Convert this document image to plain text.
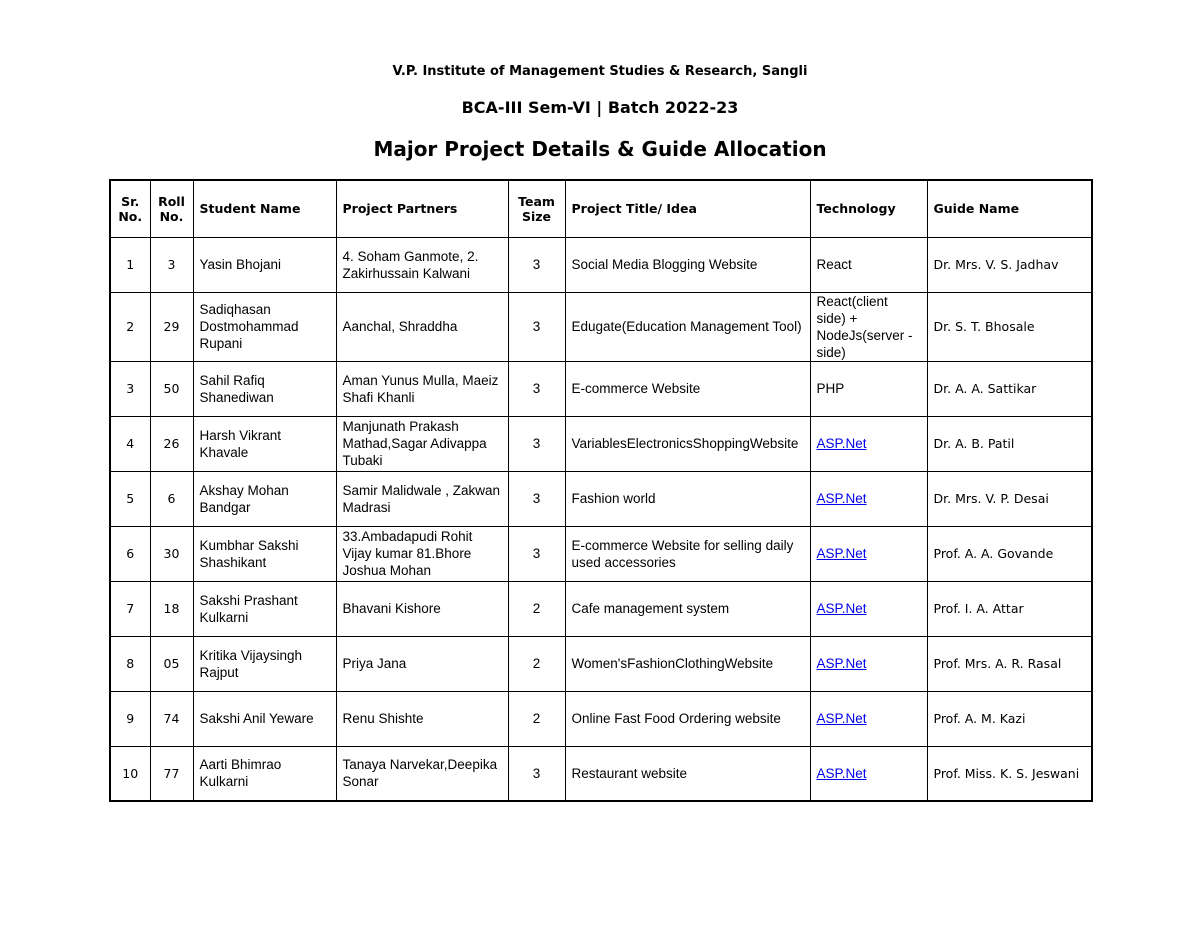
V.P. Institute of Management Studies & Research, Sangli
BCA-III Sem-VI | Batch 2022-23
Major Project Details & Guide Allocation
Sr. No.	Roll No.	Student Name	Project Partners	Team Size	Project Title/ Idea	Technology	Guide Name
1	3	Yasin Bhojani	4. Soham Ganmote, 2. Zakirhussain Kalwani	3	Social Media Blogging Website	React	Dr. Mrs. V. S. Jadhav
2	29	Sadiqhasan Dostmohammad Rupani	Aanchal, Shraddha	3	Edugate(Education Management Tool)	React(client side) + NodeJs(server -side)	Dr. S. T. Bhosale
3	50	Sahil Rafiq Shanediwan	Aman Yunus Mulla, Maeiz Shafi Khanli	3	E-commerce Website	PHP	Dr. A. A. Sattikar
4	26	Harsh Vikrant Khavale	Manjunath Prakash Mathad,Sagar Adivappa Tubaki	3	VariablesElectronicsShoppingWebsite	ASP.Net	Dr. A. B. Patil
5	6	Akshay Mohan Bandgar	Samir Malidwale , Zakwan Madrasi	3	Fashion world	ASP.Net	Dr. Mrs. V. P. Desai
6	30	Kumbhar Sakshi Shashikant	33.Ambadapudi Rohit Vijay kumar 81.Bhore Joshua Mohan	3	E-commerce Website for selling daily used accessories	ASP.Net	Prof. A. A. Govande
7	18	Sakshi Prashant Kulkarni	Bhavani Kishore	2	Cafe management system	ASP.Net	Prof. I. A. Attar
8	05	Kritika Vijaysingh Rajput	Priya Jana	2	Women'sFashionClothingWebsite	ASP.Net	Prof. Mrs. A. R. Rasal
9	74	Sakshi Anil Yeware	Renu Shishte	2	Online Fast Food Ordering website	ASP.Net	Prof. A. M. Kazi
10	77	Aarti Bhimrao Kulkarni	Tanaya Narvekar,Deepika Sonar	3	Restaurant website	ASP.Net	Prof. Miss. K. S. Jeswani
